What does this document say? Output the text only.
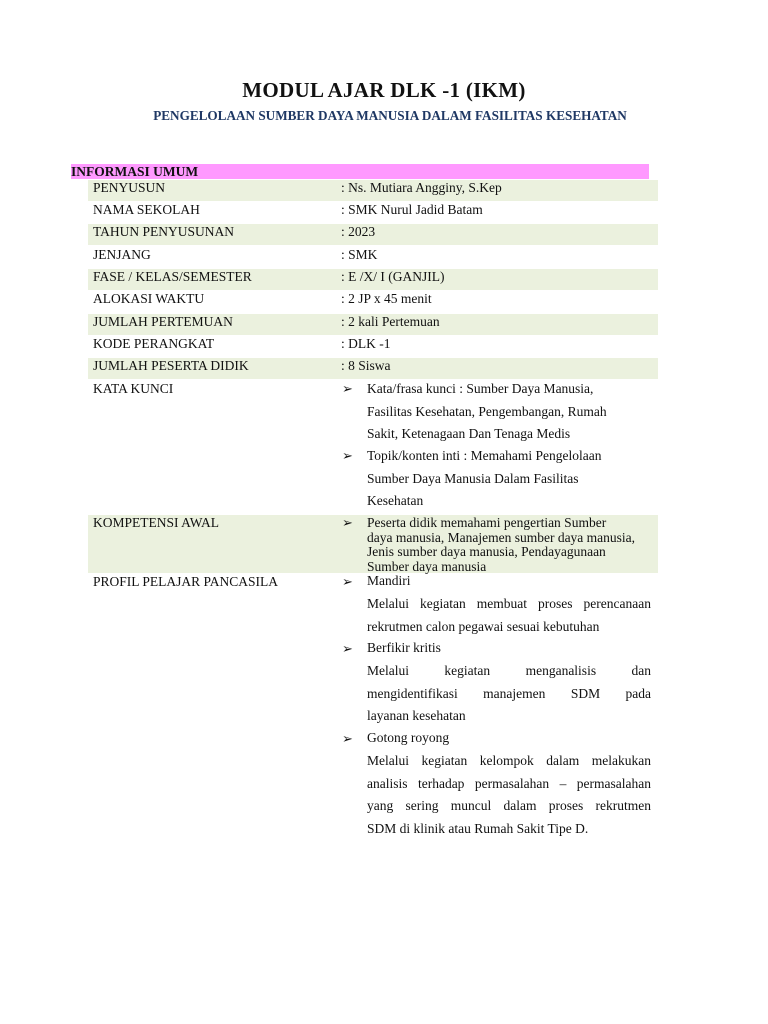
MODUL AJAR DLK -1 (IKM)
PENGELOLAAN SUMBER DAYA MANUSIA DALAM FASILITAS KESEHATAN
INFORMASI UMUM
PENYUSUN	: Ns. Mutiara Angginy, S.Kep
NAMA SEKOLAH	: SMK Nurul Jadid Batam
TAHUN PENYUSUNAN	: 2023
JENJANG	: SMK
FASE / KELAS/SEMESTER	: E /X/ I (GANJIL)
ALOKASI WAKTU	: 2 JP x 45 menit
JUMLAH PERTEMUAN	: 2 kali Pertemuan
KODE PERANGKAT	: DLK -1
JUMLAH PESERTA DIDIK	: 8 Siswa
KATA KUNCI	➢ Kata/frasa kunci : Sumber Daya Manusia,
Fasilitas Kesehatan, Pengembangan, Rumah
Sakit, Ketenagaan Dan Tenaga Medis
➢ Topik/konten inti : Memahami Pengelolaan
Sumber Daya Manusia Dalam Fasilitas
Kesehatan
KOMPETENSI AWAL	➢ Peserta didik memahami pengertian Sumber
daya manusia, Manajemen sumber daya manusia,
Jenis sumber daya manusia, Pendayagunaan
Sumber daya manusia
PROFIL PELAJAR PANCASILA	➢ Mandiri
Melalui kegiatan membuat proses perencanaan
rekrutmen calon pegawai sesuai kebutuhan
➢ Berfikir kritis
Melalui kegiatan menganalisis dan
mengidentifikasi manajemen SDM pada
layanan kesehatan
➢ Gotong royong
Melalui kegiatan kelompok dalam melakukan
analisis terhadap permasalahan – permasalahan
yang sering muncul dalam proses rekrutmen
SDM di klinik atau Rumah Sakit Tipe D.
